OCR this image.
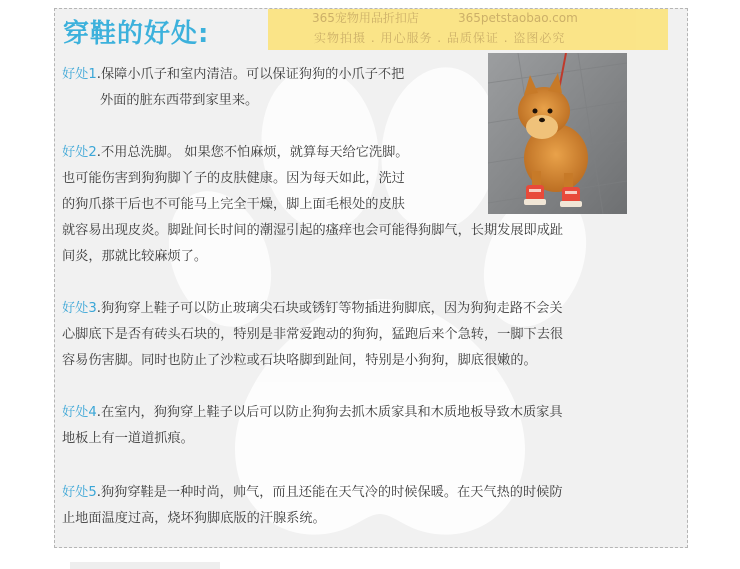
穿鞋的好处:
365宠物用品折扣店	365petstaobao.com
实物拍摄 . 用心服务 . 品质保证 . 盗图必究
好处1.保障小爪子和室内清洁。可以保证狗狗的小爪子不把
外面的脏东西带到家里来。
好处2.不用总洗脚。 如果您不怕麻烦，就算每天给它洗脚。
也可能伤害到狗狗脚丫子的皮肤健康。因为每天如此，洗过
的狗爪搽干后也不可能马上完全干燥，脚上面毛根处的皮肤
就容易出现皮炎。脚趾间长时间的潮湿引起的瘙痒也会可能得狗脚气，长期发展即成趾
间炎，那就比较麻烦了。
好处3.狗狗穿上鞋子可以防止玻璃尖石块或锈钉等物插进狗脚底，因为狗狗走路不会关
心脚底下是否有砖头石块的，特别是非常爱跑动的狗狗，猛跑后来个急转，一脚下去很
容易伤害脚。同时也防止了沙粒或石块咯脚到趾间，特别是小狗狗，脚底很嫩的。
好处4.在室内，狗狗穿上鞋子以后可以防止狗狗去抓木质家具和木质地板导致木质家具
地板上有一道道抓痕。
好处5.狗狗穿鞋是一种时尚，帅气，而且还能在天气冷的时候保暖。在天气热的时候防
止地面温度过高，烧坏狗脚底版的汗腺系统。
